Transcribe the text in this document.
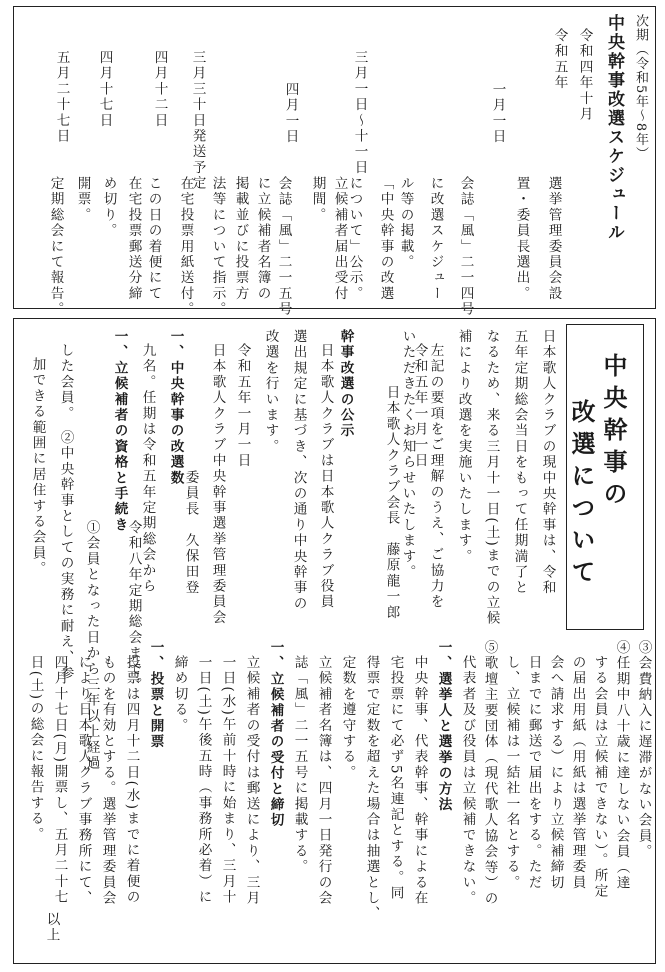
中央幹事の
改選について
次期（令和5年～8年）
中央幹事改選スケジュール
令和五年 令和四年十月
一月一日
三月一日～十一日
四月一日
三月三十日発送予定
四月十二日
四月十七日
五月二十七日
選挙管理委員会設
置・委員長選出。
会誌「風」二一四号
に改選スケジュー
ル等の掲載。
「中央幹事の改選
について」公示。
立候補者届出受付
期間。
会誌「風」二一五号
に立候補者名簿の
掲載並びに投票方
法等について指示。
在宅投票用紙送付。
この日の着便にて
在宅投票郵送分締
め切り。
開票。
定期総会にて報告。
日本歌人クラブの現中央幹事は、令和
五年定期総会当日をもって任期満了と
なるため、来る三月十一日(土)までの立候
補により改選を実施いたします。
左記の要項をご理解のうえ、ご協力を
いただきたくお知らせいたします。
令和五年一月一日
日本歌人クラブ会長　藤原龍一郎
幹事改選の公示
日本歌人クラブは日本歌人クラブ役員
選出規定に基づき、次の通り中央幹事の
改選を行います。
令和五年一月一日
日本歌人クラブ中央幹事選挙管理委員会
委員長　久保田登
一、中央幹事の改選数
九名。任期は令和五年定期総会から
令和八年定期総会まで。
一、立候補者の資格と手続き
①会員となった日から三年以上経過
した会員。
②中央幹事としての実務に耐え、参
加できる範囲に居住する会員。
③会費納入に遅滞がない会員。
④任期中八十歳に達しない会員（達
する会員は立候補できない）。所定
の届出用紙（用紙は選挙管理委員
会へ請求する）により立候補締切
日までに郵送で届出をする。ただ
し、立候補は一結社一名とする。
⑤歌壇主要団体（現代歌人協会等）の
代表者及び役員は立候補できない。
一、選挙人と選挙の方法
中央幹事、代表幹事、幹事による在
宅投票にて必ず5名連記とする。同
得票で定数を超えた場合は抽選とし、
定数を遵守する。
立候補者名簿は、四月一日発行の会
誌「風」二一五号に掲載する。
一、立候補者の受付と締切
立候補者の受付は郵送により、三月
一日(水)午前十時に始まり、三月十
一日(土)午後五時（事務所必着）に
締め切る。
一、投票と開票
投票は四月十二日(水)までに着便の
ものを有効とする。選挙管理委員会
により日本歌人クラブ事務所にて、
四月十七日(月)開票し、五月二十七
日(土)の総会に報告する。
以上
